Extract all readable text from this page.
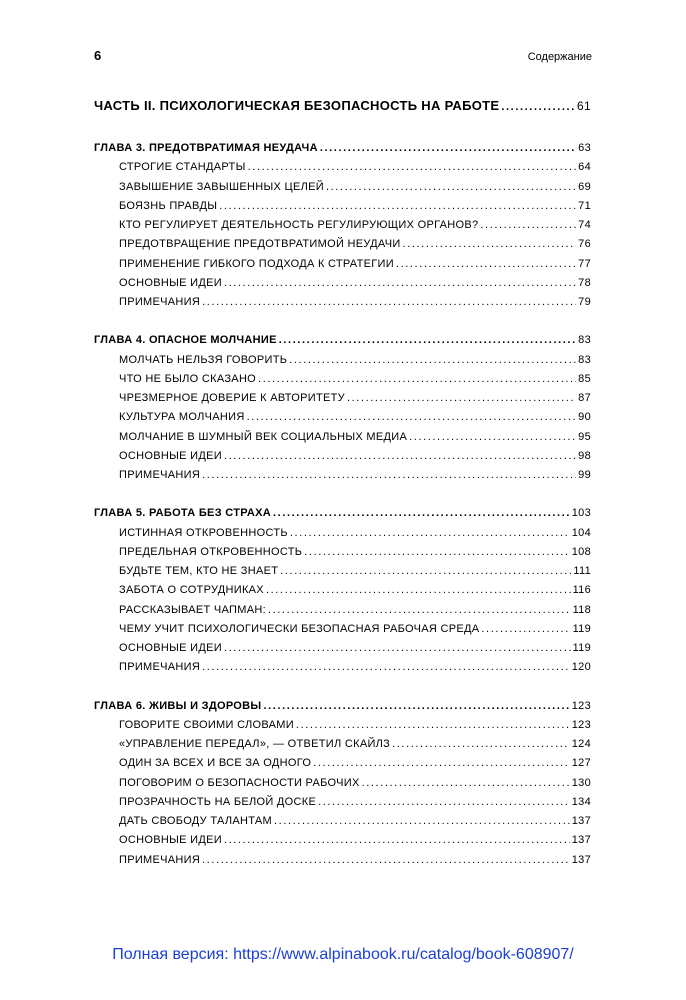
6	Содержание
ЧАСТЬ II. ПСИХОЛОГИЧЕСКАЯ БЕЗОПАСНОСТЬ НА РАБОТЕ .....	61
ГЛАВА 3. ПРЕДОТВРАТИМАЯ НЕУДАЧА .....	63
СТРОГИЕ СТАНДАРТЫ .....	64
ЗАВЫШЕНИЕ ЗАВЫШЕННЫХ ЦЕЛЕЙ .....	69
БОЯЗНЬ ПРАВДЫ .....	71
КТО РЕГУЛИРУЕТ ДЕЯТЕЛЬНОСТЬ РЕГУЛИРУЮЩИХ ОРГАНОВ? .....	74
ПРЕДОТВРАЩЕНИЕ ПРЕДОТВРАТИМОЙ НЕУДАЧИ .....	76
ПРИМЕНЕНИЕ ГИБКОГО ПОДХОДА К СТРАТЕГИИ .....	77
ОСНОВНЫЕ ИДЕИ .....	78
ПРИМЕЧАНИЯ .....	79
ГЛАВА 4. ОПАСНОЕ МОЛЧАНИЕ .....	83
МОЛЧАТЬ НЕЛЬЗЯ ГОВОРИТЬ .....	83
ЧТО НЕ БЫЛО СКАЗАНО .....	85
ЧРЕЗМЕРНОЕ ДОВЕРИЕ К АВТОРИТЕТУ .....	87
КУЛЬТУРА МОЛЧАНИЯ .....	90
МОЛЧАНИЕ В ШУМНЫЙ ВЕК СОЦИАЛЬНЫХ МЕДИА .....	95
ОСНОВНЫЕ ИДЕИ .....	98
ПРИМЕЧАНИЯ .....	99
ГЛАВА 5. РАБОТА БЕЗ СТРАХА .....	103
ИСТИННАЯ ОТКРОВЕННОСТЬ .....	104
ПРЕДЕЛЬНАЯ ОТКРОВЕННОСТЬ .....	108
БУДЬТЕ ТЕМ, КТО НЕ ЗНАЕТ .....	111
ЗАБОТА О СОТРУДНИКАХ .....	116
РАССКАЗЫВАЕТ ЧАПМАН: .....	118
ЧЕМУ УЧИТ ПСИХОЛОГИЧЕСКИ БЕЗОПАСНАЯ РАБОЧАЯ СРЕДА .....	119
ОСНОВНЫЕ ИДЕИ .....	119
ПРИМЕЧАНИЯ .....	120
ГЛАВА 6. ЖИВЫ И ЗДОРОВЫ .....	123
ГОВОРИТЕ СВОИМИ СЛОВАМИ .....	123
«УПРАВЛЕНИЕ ПЕРЕДАЛ», — ОТВЕТИЛ СКАЙЛЗ .....	124
ОДИН ЗА ВСЕХ И ВСЕ ЗА ОДНОГО .....	127
ПОГОВОРИМ О БЕЗОПАСНОСТИ РАБОЧИХ .....	130
ПРОЗРАЧНОСТЬ НА БЕЛОЙ ДОСКЕ .....	134
ДАТЬ СВОБОДУ ТАЛАНТАМ .....	137
ОСНОВНЫЕ ИДЕИ .....	137
ПРИМЕЧАНИЯ .....	137
Полная версия: https://www.alpinabook.ru/catalog/book-608907/
